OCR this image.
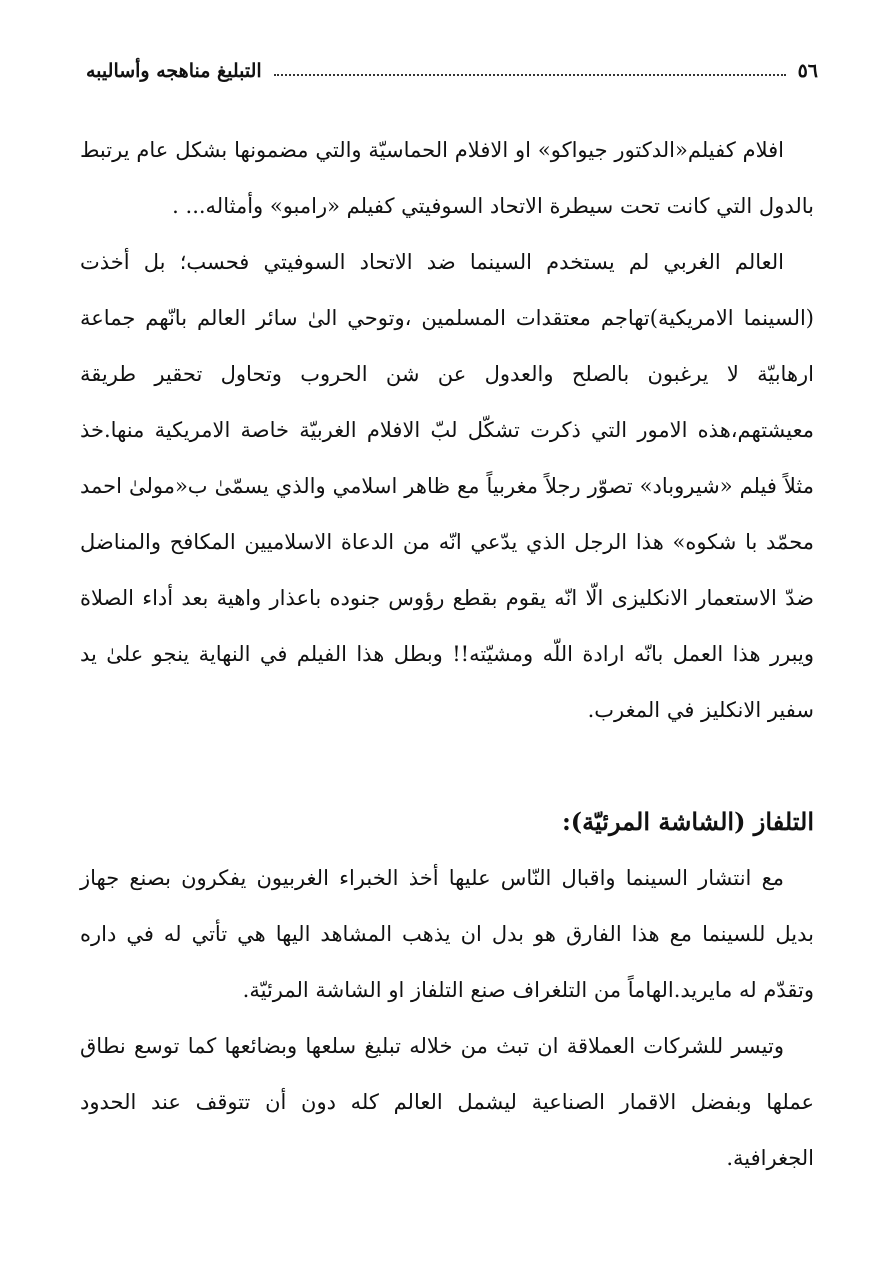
٥٦
التبليغ مناهجه وأساليبه

افلام كفيلم«الدكتور جيواكو» او الافلام الحماسيّة والتي مضمونها بشكل عام يرتبط بالدول التي كانت تحت سيطرة الاتحاد السوفيتي كفيلم «رامبو» وأمثاله... .

العالم الغربي لم يستخدم السينما ضد الاتحاد السوفيتي فحسب؛ بل أخذت (السينما الامريكية)تهاجم معتقدات المسلمين ،وتوحي الىٰ سائر العالم بانّهم جماعة ارهابيّة لا يرغبون بالصلح والعدول عن شن الحروب وتحاول تحقير طريقة معيشتهم،هذه الامور التي ذكرت تشكّل لبّ الافلام الغربيّة خاصة الامريكية منها.خذ مثلاً فيلم «شيروباد» تصوّر رجلاً مغربياً مع ظاهر اسلامي والذي يسمّىٰ ب«مولىٰ احمد محمّد با شكوه» هذا الرجل الذي يدّعي انّه من الدعاة الاسلاميين المكافح والمناضل ضدّ الاستعمار الانكليزى الّا انّه يقوم بقطع رؤوس جنوده باعذار واهية بعد أداء الصلاة ويبرر هذا العمل بانّه ارادة اللّه ومشيّته!! وبطل هذا الفيلم في النهاية ينجو علىٰ يد سفير الانكليز في المغرب.

التلفاز (الشاشة المرئيّة):

مع انتشار السينما واقبال النّاس عليها أخذ الخبراء الغربيون يفكرون بصنع جهاز بديل للسينما مع هذا الفارق هو بدل ان يذهب المشاهد اليها هي تأتي له في داره وتقدّم له مايريد.الهاماً من التلغراف صنع التلفاز او الشاشة المرئيّة.

وتيسر للشركات العملاقة ان تبث من خلاله تبليغ سلعها وبضائعها كما توسع نطاق عملها وبفضل الاقمار الصناعية ليشمل العالم كله دون أن تتوقف عند الحدود الجغرافية.
